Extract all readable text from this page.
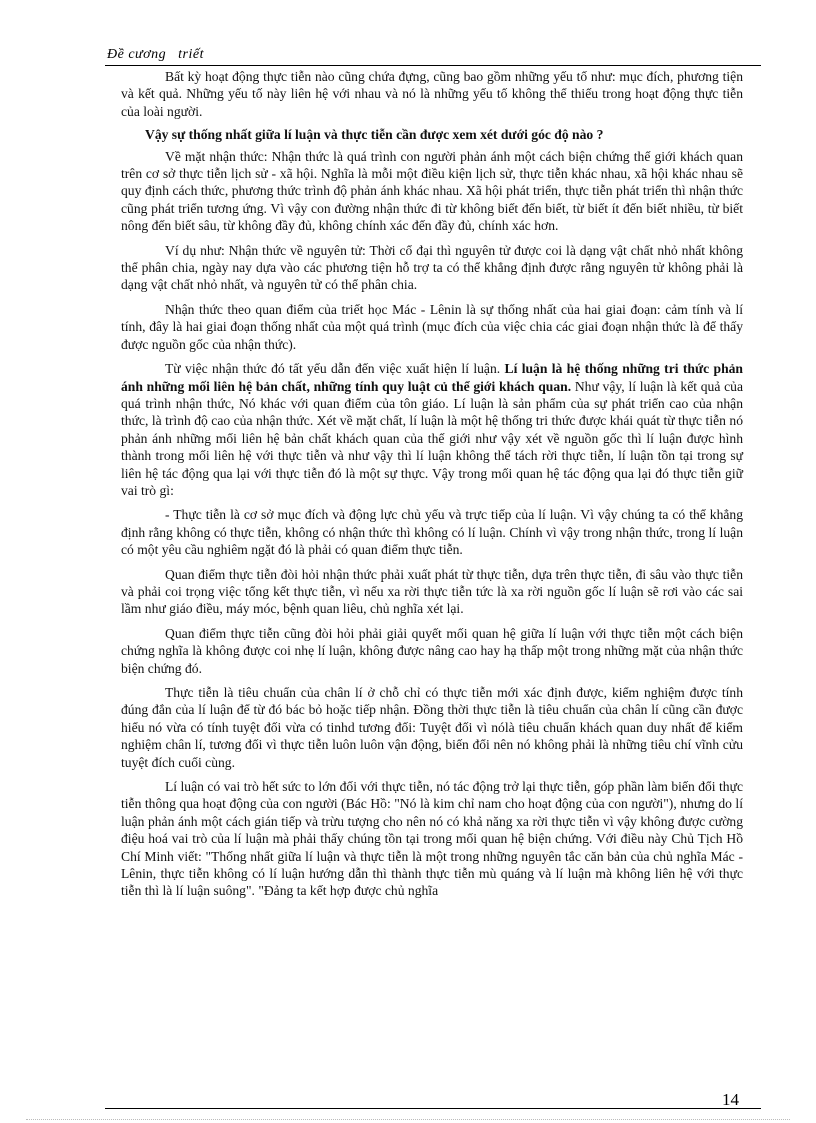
Đề cương   triết

Bất kỳ hoạt động thực tiễn nào cũng chứa đựng, cũng bao gồm những yếu tố như: mục đích, phương tiện và kết quả. Những yếu tố này liên hệ với nhau và nó là những yếu tố không thể thiếu trong hoạt động thực tiễn của loài người.

Vậy sự thống nhất giữa lí luận và thực tiễn cần được xem xét dưới góc độ nào ?

Về mặt nhận thức: Nhận thức là quá trình con người phản ánh một cách biện chứng thế giới khách quan trên cơ sở thực tiễn lịch sử - xã hội. Nghĩa là mỗi một điều kiện lịch sử, thực tiễn khác nhau, xã hội khác nhau sẽ quy định cách thức, phương thức trình độ phản ánh khác nhau. Xã hội phát triển, thực tiễn phát triển thì nhận thức cũng phát triển tương ứng. Vì vậy con đường nhận thức đi từ không biết đến biết, từ biết ít đến biết nhiều, từ biết nông đến biết sâu, từ không đầy đủ, không chính xác đến đầy đủ, chính xác hơn.

Ví dụ như: Nhận thức về nguyên tử: Thời cổ đại thì nguyên tử được coi là dạng vật chất nhỏ nhất không thể phân chia, ngày nay dựa vào các phương tiện hỗ trợ ta có thể khẳng định được rằng nguyên tử không phải là dạng vật chất nhỏ nhất, và nguyên tử có thể phân chia.

Nhận thức theo quan điểm của triết học Mác - Lênin là sự thống nhất của hai giai đoạn: cảm tính và lí tính, đây là hai giai đoạn thống nhất của một quá trình (mục đích của việc chia các giai đoạn nhận thức là để thấy được nguồn gốc của nhận thức).

Từ việc nhận thức đó tất yếu dẫn đến việc xuất hiện lí luận. Lí luận là hệ thống những tri thức phản ánh những mối liên hệ bản chất, những tính quy luật củ thể giới khách quan. Như vậy, lí luận là kết quả của quá trình nhận thức, Nó khác với quan điểm của tôn giáo. Lí luận là sản phẩm của sự phát triển cao của nhận thức, là trình độ cao của nhận thức. Xét về mặt chất, lí luận là một hệ thống tri thức được khái quát từ thực tiễn nó phản ánh những mối liên hệ bản chất khách quan của thế giới như vậy xét về nguồn gốc thì lí luận được hình thành trong mối liên hệ với thực tiễn và như vậy thì lí luận không thể tách rời thực tiễn, lí luận tồn tại trong sự liên hệ tác động qua lại với thực tiễn đó là một sự thực. Vậy trong mối quan hệ tác động qua lại đó thực tiễn giữ vai trò gì:

- Thực tiễn là cơ sở mục đích và động lực chủ yếu và trực tiếp của lí luận. Vì vậy chúng ta có thể khẳng định rằng không có thực tiễn, không có nhận thức thì không có lí luận. Chính vì vậy trong nhận thức, trong lí luận có một yêu cầu nghiêm ngặt đó là phải có quan điểm thực tiễn.

Quan điểm thực tiễn đòi hỏi nhận thức phải xuất phát từ thực tiễn, dựa trên thực tiễn, đi sâu vào thực tiễn và phải coi trọng việc tổng kết thực tiễn, vì nếu xa rời thực tiễn tức là xa rời nguồn gốc lí luận sẽ rơi vào các sai lầm như giáo điều, máy móc, bệnh quan liêu, chủ nghĩa xét lại.

Quan điểm thực tiễn cũng đòi hỏi phải giải quyết mối quan hệ giữa lí luận với thực tiễn một cách biện chứng nghĩa là không được coi nhẹ lí luận, không được nâng cao hay hạ thấp một trong những mặt của nhận thức biện chứng đó.

Thực tiễn là tiêu chuẩn của chân lí ở chỗ chỉ có thực tiễn mới xác định được, kiểm nghiệm được tính đúng đắn của lí luận để từ đó bác bỏ hoặc tiếp nhận. Đồng thời thực tiễn là tiêu chuẩn của chân lí cũng cần được hiểu nó vừa có tính tuyệt đối vừa có tinhd tương đối: Tuyệt đối vì nólà tiêu chuẩn khách quan duy nhất để kiểm nghiệm chân lí, tương đối vì thực tiễn luôn luôn vận động, biến đổi nên nó không phải là những tiêu chí vĩnh cửu tuyệt đích cuối cùng.

Lí luận có vai trò hết sức to lớn đối với thực tiễn, nó tác động trở lại thực tiễn, góp phần làm biến đổi thực tiễn thông qua hoạt động của con người (Bác Hồ: "Nó là kim chỉ nam cho hoạt động của con người"), nhưng do lí luận phản ánh một cách gián tiếp và trừu tượng cho nên nó có khả năng xa rời thực tiễn vì vậy không được cường điệu hoá vai trò của lí luận mà phải thấy chúng tồn tại trong mối quan hệ biện chứng. Với điều này Chủ Tịch Hồ Chí Minh viết: "Thống nhất giữa lí luận và thực tiễn là một trong những nguyên tắc căn bản của chủ nghĩa Mác - Lênin, thực tiễn không có lí luận hướng dẫn thì thành thực tiễn mù quáng và lí luận mà không liên hệ với thực tiễn thì là lí luận suông". "Đảng ta kết hợp được chủ nghĩa

14
